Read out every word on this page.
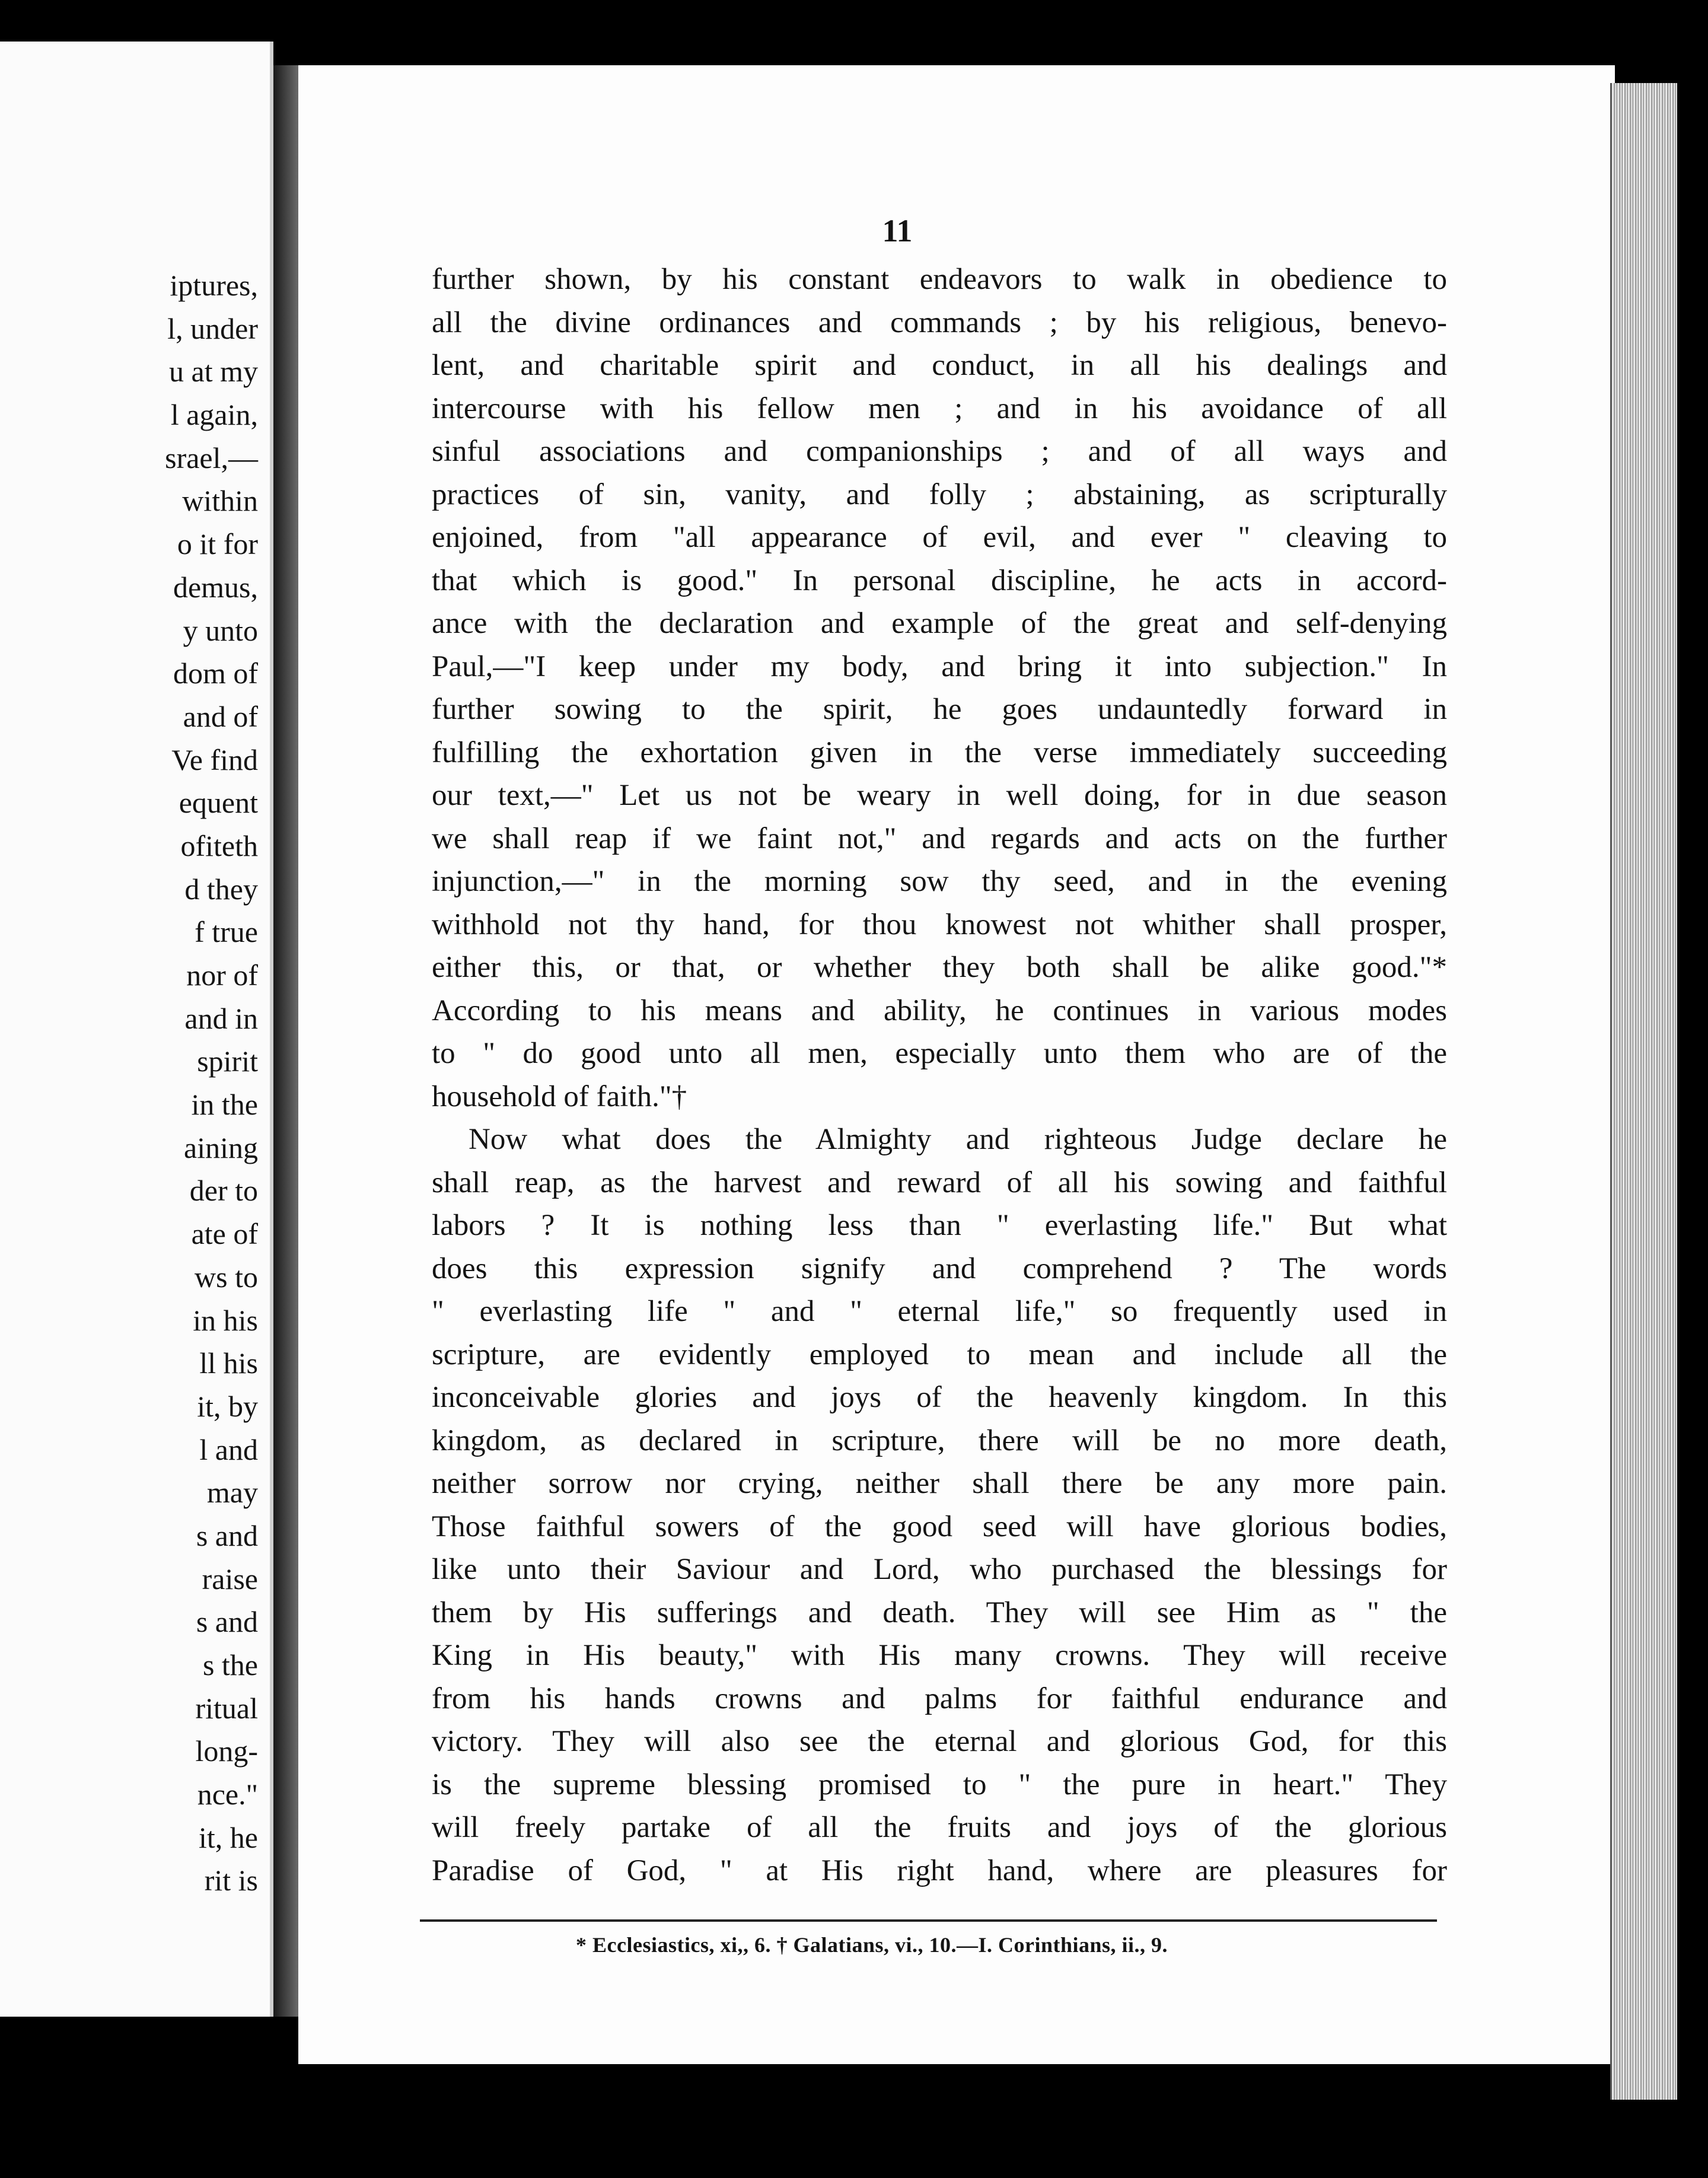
iptures,
l, under
u at my
l again,
srael,—
within
o it for
demus,
y unto
dom of
and of
Ve find
equent
ofiteth
d they
f true
nor of
and in
spirit
in the
aining
der to
ate of
ws to
in his
ll his
it, by
l and
may
s and
raise
s and
s the
ritual
long-
nce."
it, he
rit is
11
further shown, by his constant endeavors to walk in obedience to
all the divine ordinances and commands ; by his religious, benevo-
lent, and charitable spirit and conduct, in all his dealings and
intercourse with his fellow men ; and in his avoidance of all
sinful associations and companionships ; and of all ways and
practices of sin, vanity, and folly ; abstaining, as scripturally
enjoined, from "all appearance of evil, and ever " cleaving to
that which is good." In personal discipline, he acts in accord-
ance with the declaration and example of the great and self-denying
Paul,—"I keep under my body, and bring it into subjection." In
further sowing to the spirit, he goes undauntedly forward in
fulfilling the exhortation given in the verse immediately succeeding
our text,—" Let us not be weary in well doing, for in due season
we shall reap if we faint not," and regards and acts on the further
injunction,—" in the morning sow thy seed, and in the evening
withhold not thy hand, for thou knowest not whither shall prosper,
either this, or that, or whether they both shall be alike good."*
According to his means and ability, he continues in various modes
to " do good unto all men, especially unto them who are of the
household of faith."†
Now what does the Almighty and righteous Judge declare he
shall reap, as the harvest and reward of all his sowing and faithful
labors ? It is nothing less than " everlasting life." But what
does this expression signify and comprehend ? The words
" everlasting life " and " eternal life," so frequently used in
scripture, are evidently employed to mean and include all the
inconceivable glories and joys of the heavenly kingdom. In this
kingdom, as declared in scripture, there will be no more death,
neither sorrow nor crying, neither shall there be any more pain.
Those faithful sowers of the good seed will have glorious bodies,
like unto their Saviour and Lord, who purchased the blessings for
them by His sufferings and death. They will see Him as " the
King in His beauty," with His many crowns. They will receive
from his hands crowns and palms for faithful endurance and
victory. They will also see the eternal and glorious God, for this
is the supreme blessing promised to " the pure in heart." They
will freely partake of all the fruits and joys of the glorious
Paradise of God, " at His right hand, where are pleasures for
* Ecclesiastics, xi,, 6. † Galatians, vi., 10.—I. Corinthians, ii., 9.
